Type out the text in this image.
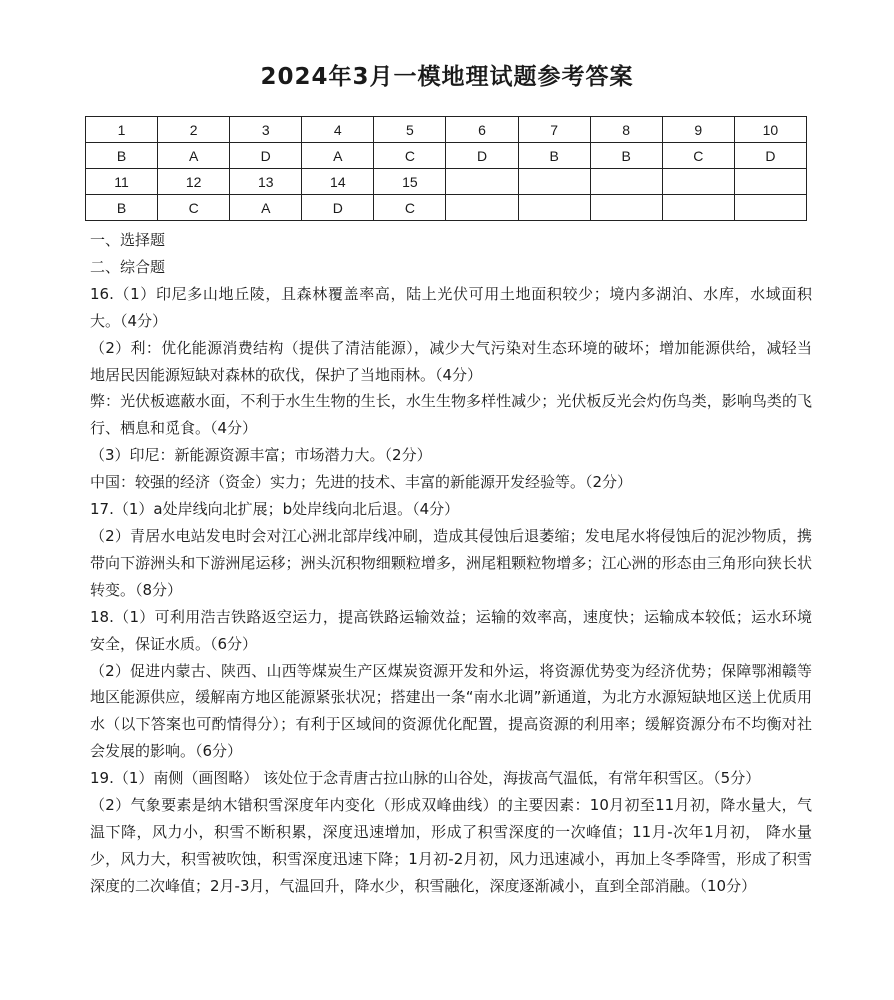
2024年3月一模地理试题参考答案
1	2	3	4	5	6	7	8	9	10
B	A	D	A	C	D	B	B	C	D
11	12	13	14	15					
B	C	A	D	C					

一、选择题

二、综合题

16.（1）印尼多山地丘陵，且森林覆盖率高，陆上光伏可用土地面积较少；境内多湖泊、水库，水域面积大。（4分）

（2）利：优化能源消费结构（提供了清洁能源），减少大气污染对生态环境的破坏；增加能源供给，减轻当地居民因能源短缺对森林的砍伐，保护了当地雨林。（4分）

弊：光伏板遮蔽水面，不利于水生生物的生长，水生生物多样性减少；光伏板反光会灼伤鸟类，影响鸟类的飞行、栖息和觅食。（4分）

（3）印尼：新能源资源丰富；市场潜力大。（2分）

中国：较强的经济（资金）实力；先进的技术、丰富的新能源开发经验等。（2分）

17.（1）a处岸线向北扩展；b处岸线向北后退。（4分）

（2）青居水电站发电时会对江心洲北部岸线冲刷，造成其侵蚀后退萎缩；发电尾水将侵蚀后的泥沙物质，携带向下游洲头和下游洲尾运移；洲头沉积物细颗粒增多，洲尾粗颗粒物增多；江心洲的形态由三角形向狭长状转变。（8分）

18.（1）可利用浩吉铁路返空运力，提高铁路运输效益；运输的效率高，速度快；运输成本较低；运水环境安全，保证水质。（6分）

（2）促进内蒙古、陕西、山西等煤炭生产区煤炭资源开发和外运，将资源优势变为经济优势；保障鄂湘赣等地区能源供应，缓解南方地区能源紧张状况；搭建出一条“南水北调”新通道，为北方水源短缺地区送上优质用水（以下答案也可酌情得分）；有利于区域间的资源优化配置，提高资源的利用率；缓解资源分布不均衡对社会发展的影响。（6分）

19.（1）南侧（画图略） 该处位于念青唐古拉山脉的山谷处，海拔高气温低，有常年积雪区。（5分）

（2）气象要素是纳木错积雪深度年内变化（形成双峰曲线）的主要因素：10月初至11月初，降水量大，气温下降，风力小，积雪不断积累，深度迅速增加，形成了积雪深度的一次峰值；11月-次年1月初， 降水量少，风力大，积雪被吹蚀，积雪深度迅速下降；1月初-2月初，风力迅速减小，再加上冬季降雪，形成了积雪深度的二次峰值；2月-3月，气温回升，降水少，积雪融化，深度逐渐减小，直到全部消融。（10分）
